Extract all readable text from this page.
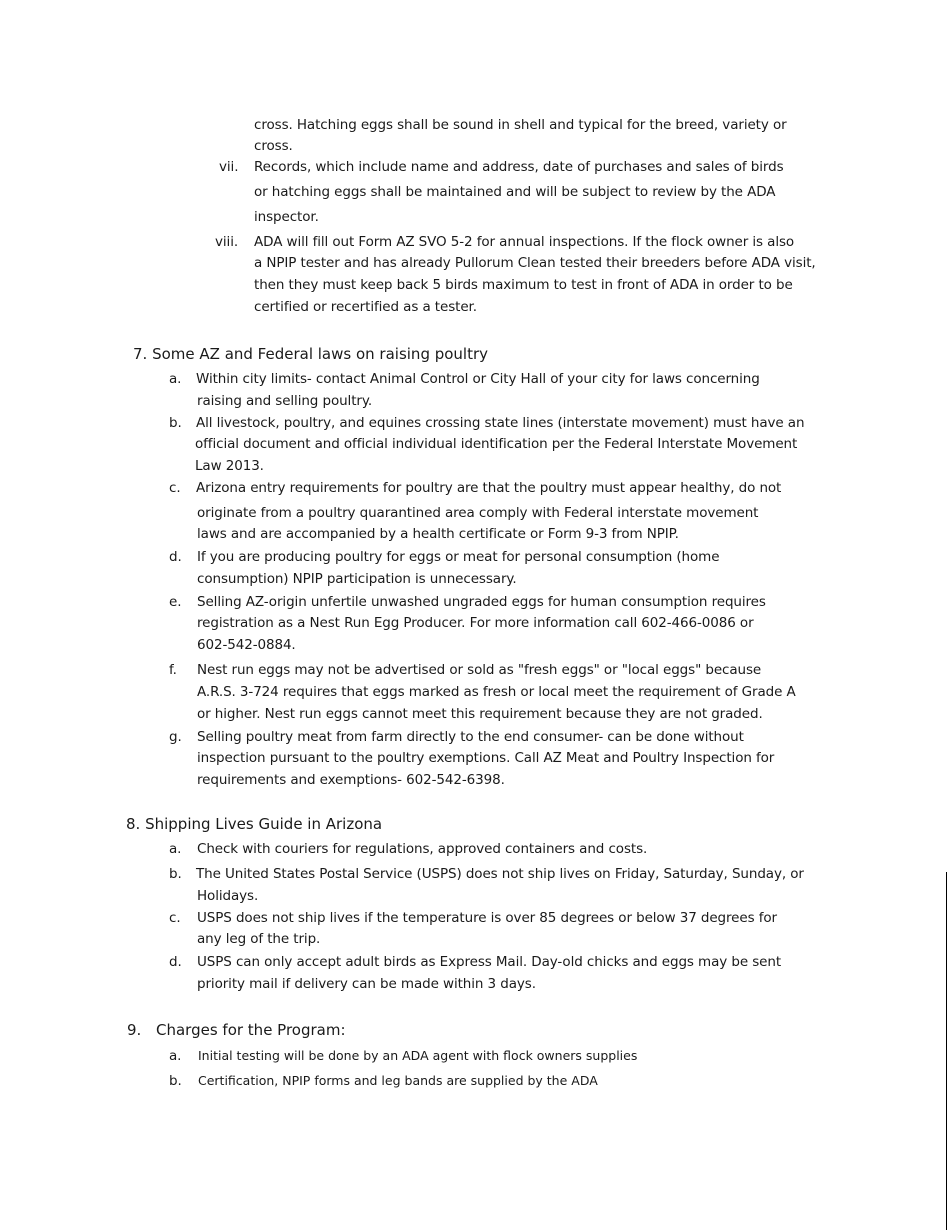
cross. Hatching eggs shall be sound in shell and typical for the breed, variety or
cross.
vii. Records, which include name and address, date of purchases and sales of birds
or hatching eggs shall be maintained and will be subject to review by the ADA
inspector.
viii. ADA will fill out Form AZ SVO 5-2 for annual inspections. If the flock owner is also
a NPIP tester and has already Pullorum Clean tested their breeders before ADA visit,
then they must keep back 5 birds maximum to test in front of ADA in order to be
certified or recertified as a tester.
7. Some AZ and Federal laws on raising poultry
a. Within city limits- contact Animal Control or City Hall of your city for laws concerning
raising and selling poultry.
b. All livestock, poultry, and equines crossing state lines (interstate movement) must have an
official document and official individual identification per the Federal Interstate Movement
Law 2013.
c. Arizona entry requirements for poultry are that the poultry must appear healthy, do not
originate from a poultry quarantined area comply with Federal interstate movement
laws and are accompanied by a health certificate or Form 9-3 from NPIP.
d. If you are producing poultry for eggs or meat for personal consumption (home
consumption) NPIP participation is unnecessary.
e. Selling AZ-origin unfertile unwashed ungraded eggs for human consumption requires
registration as a Nest Run Egg Producer. For more information call 602-466-0086 or
602-542-0884.
f. Nest run eggs may not be advertised or sold as "fresh eggs" or "local eggs" because
A.R.S. 3-724 requires that eggs marked as fresh or local meet the requirement of Grade A
or higher. Nest run eggs cannot meet this requirement because they are not graded.
g. Selling poultry meat from farm directly to the end consumer- can be done without
inspection pursuant to the poultry exemptions. Call AZ Meat and Poultry Inspection for
requirements and exemptions- 602-542-6398.
8. Shipping Lives Guide in Arizona
a. Check with couriers for regulations, approved containers and costs.
b. The United States Postal Service (USPS) does not ship lives on Friday, Saturday, Sunday, or
Holidays.
c. USPS does not ship lives if the temperature is over 85 degrees or below 37 degrees for
any leg of the trip.
d. USPS can only accept adult birds as Express Mail. Day-old chicks and eggs may be sent
priority mail if delivery can be made within 3 days.
9. Charges for the Program:
a. Initial testing will be done by an ADA agent with flock owners supplies
b. Certification, NPIP forms and leg bands are supplied by the ADA
